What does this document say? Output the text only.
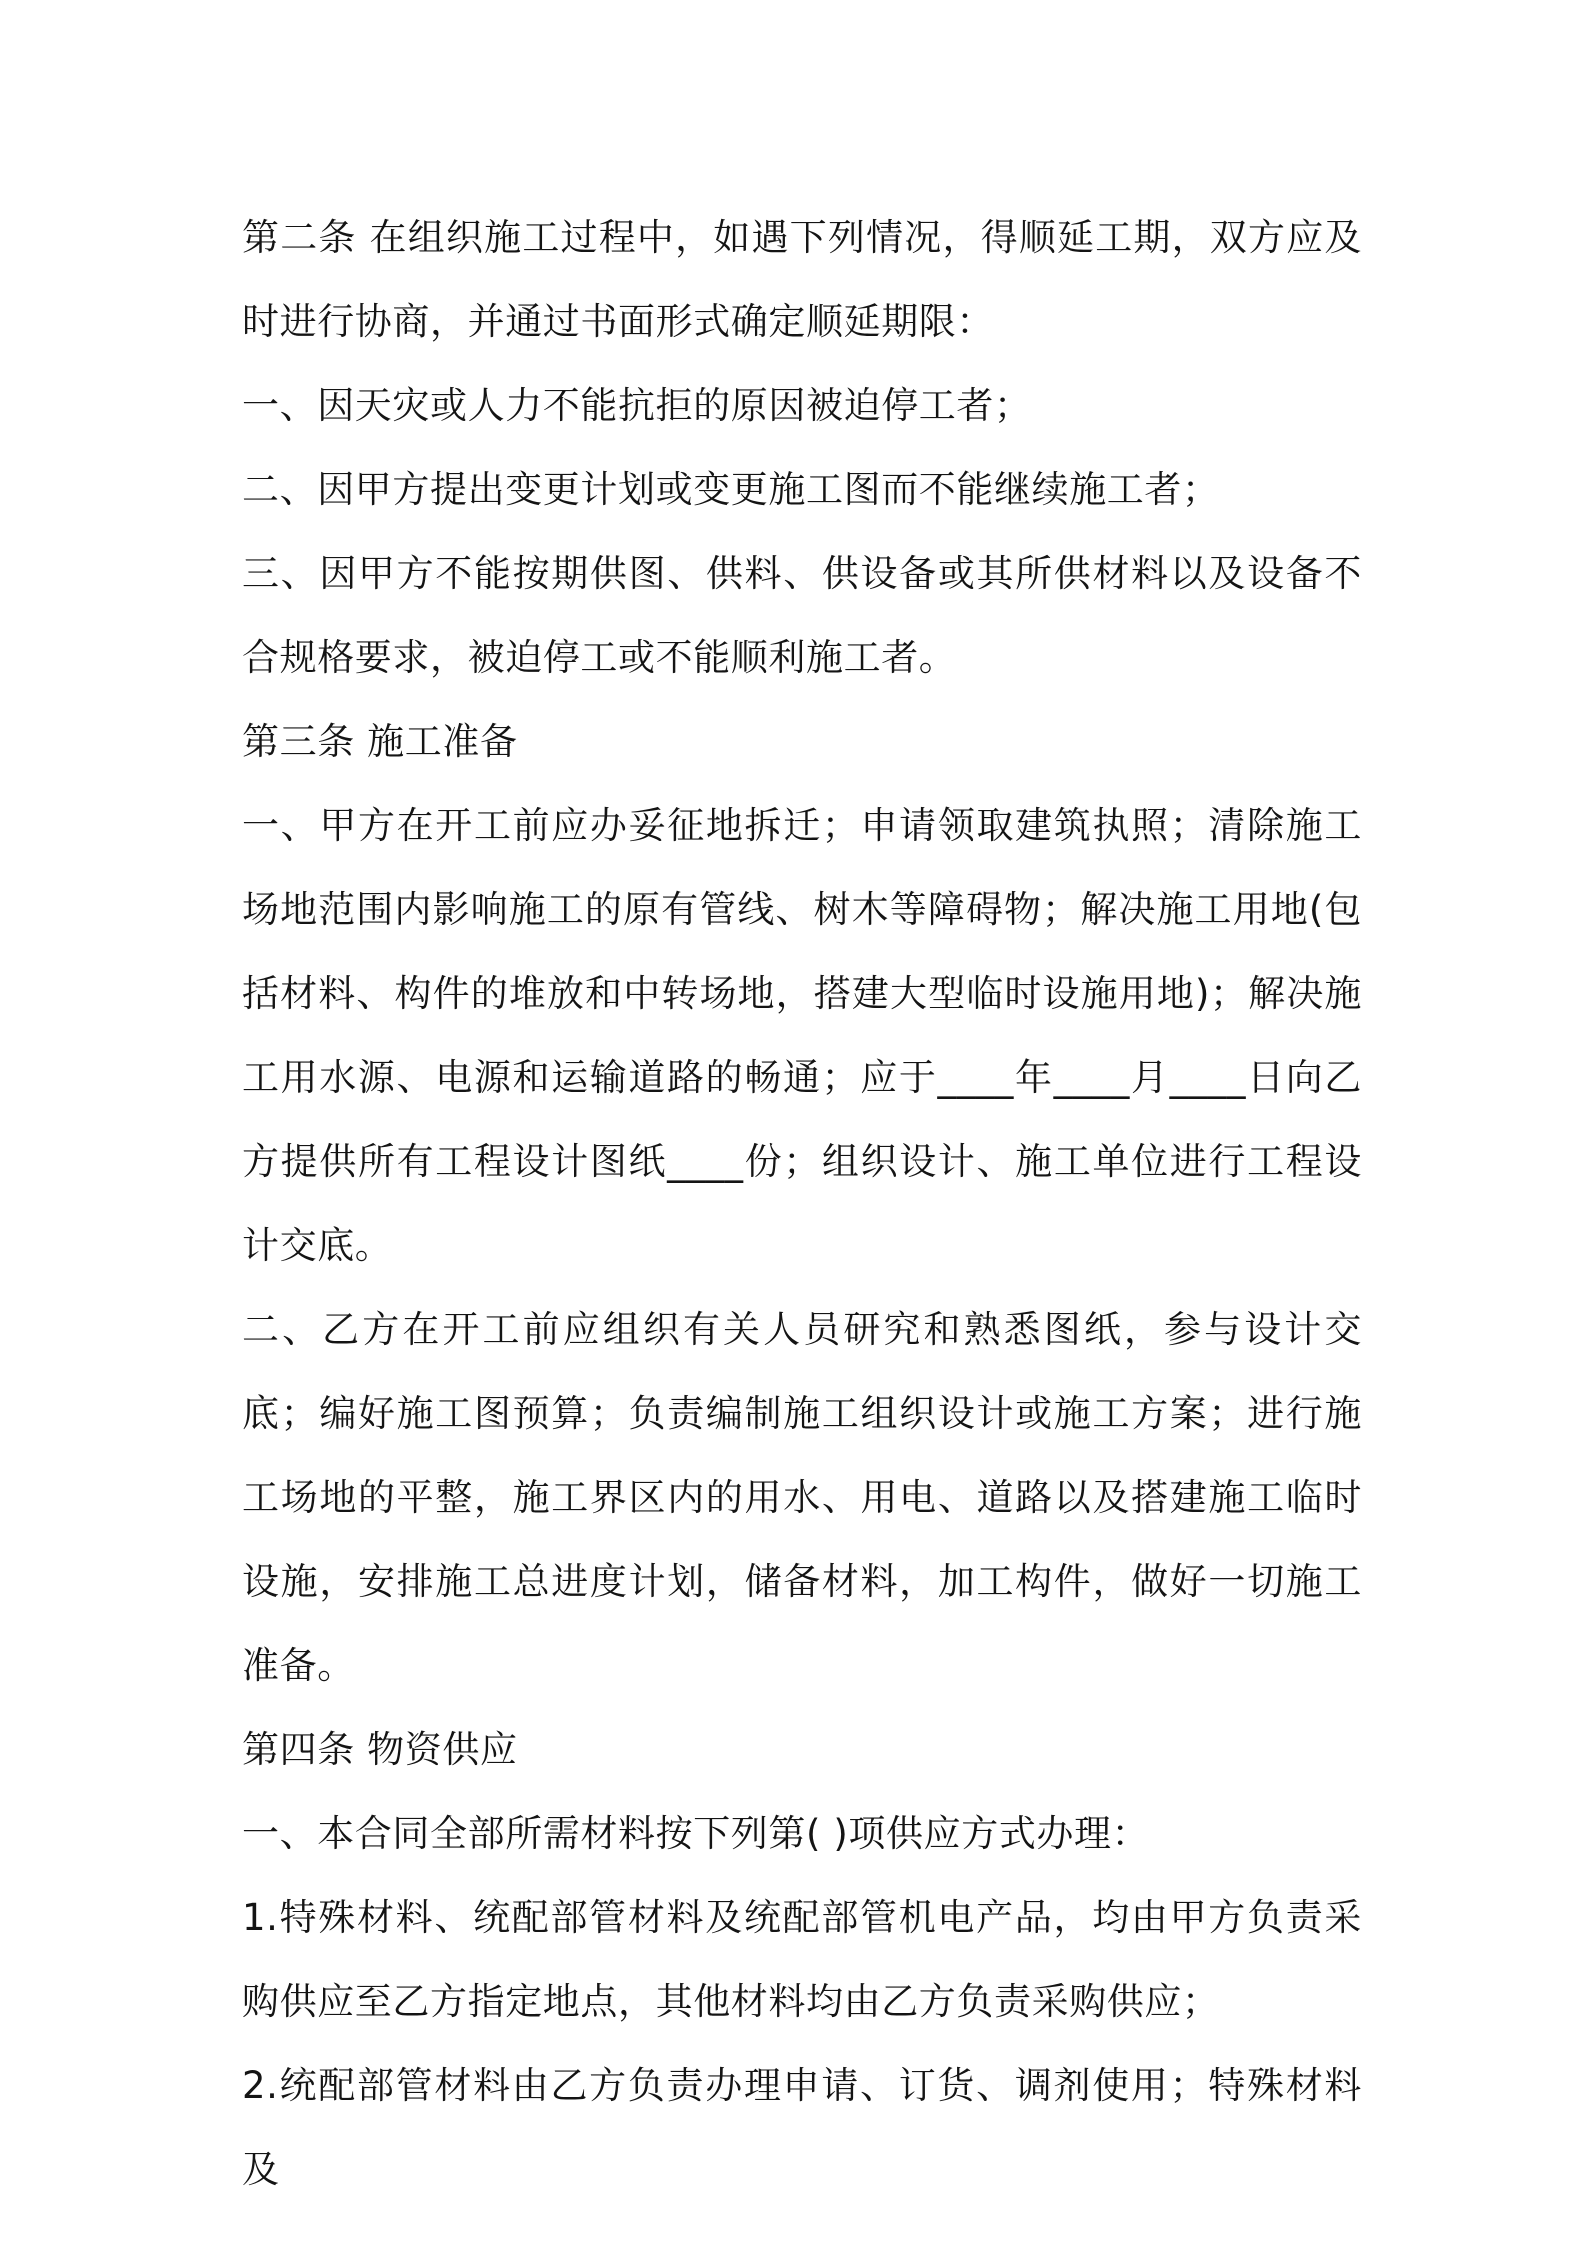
第二条 在组织施工过程中，如遇下列情况，得顺延工期，双方应及时进行协商，并通过书面形式确定顺延期限：

一、因天灾或人力不能抗拒的原因被迫停工者；

二、因甲方提出变更计划或变更施工图而不能继续施工者；

三、因甲方不能按期供图、供料、供设备或其所供材料以及设备不合规格要求，被迫停工或不能顺利施工者。

第三条 施工准备

一、甲方在开工前应办妥征地拆迁；申请领取建筑执照；清除施工场地范围内影响施工的原有管线、树木等障碍物；解决施工用地(包括材料、构件的堆放和中转场地，搭建大型临时设施用地)；解决施工用水源、电源和运输道路的畅通；应于____年____月____日向乙方提供所有工程设计图纸____份；组织设计、施工单位进行工程设计交底。

二、乙方在开工前应组织有关人员研究和熟悉图纸，参与设计交底；编好施工图预算；负责编制施工组织设计或施工方案；进行施工场地的平整，施工界区内的用水、用电、道路以及搭建施工临时设施，安排施工总进度计划，储备材料，加工构件，做好一切施工准备。

第四条 物资供应

一、本合同全部所需材料按下列第( )项供应方式办理：

1.特殊材料、统配部管材料及统配部管机电产品，均由甲方负责采购供应至乙方指定地点，其他材料均由乙方负责采购供应；

2.统配部管材料由乙方负责办理申请、订货、调剂使用；特殊材料及
